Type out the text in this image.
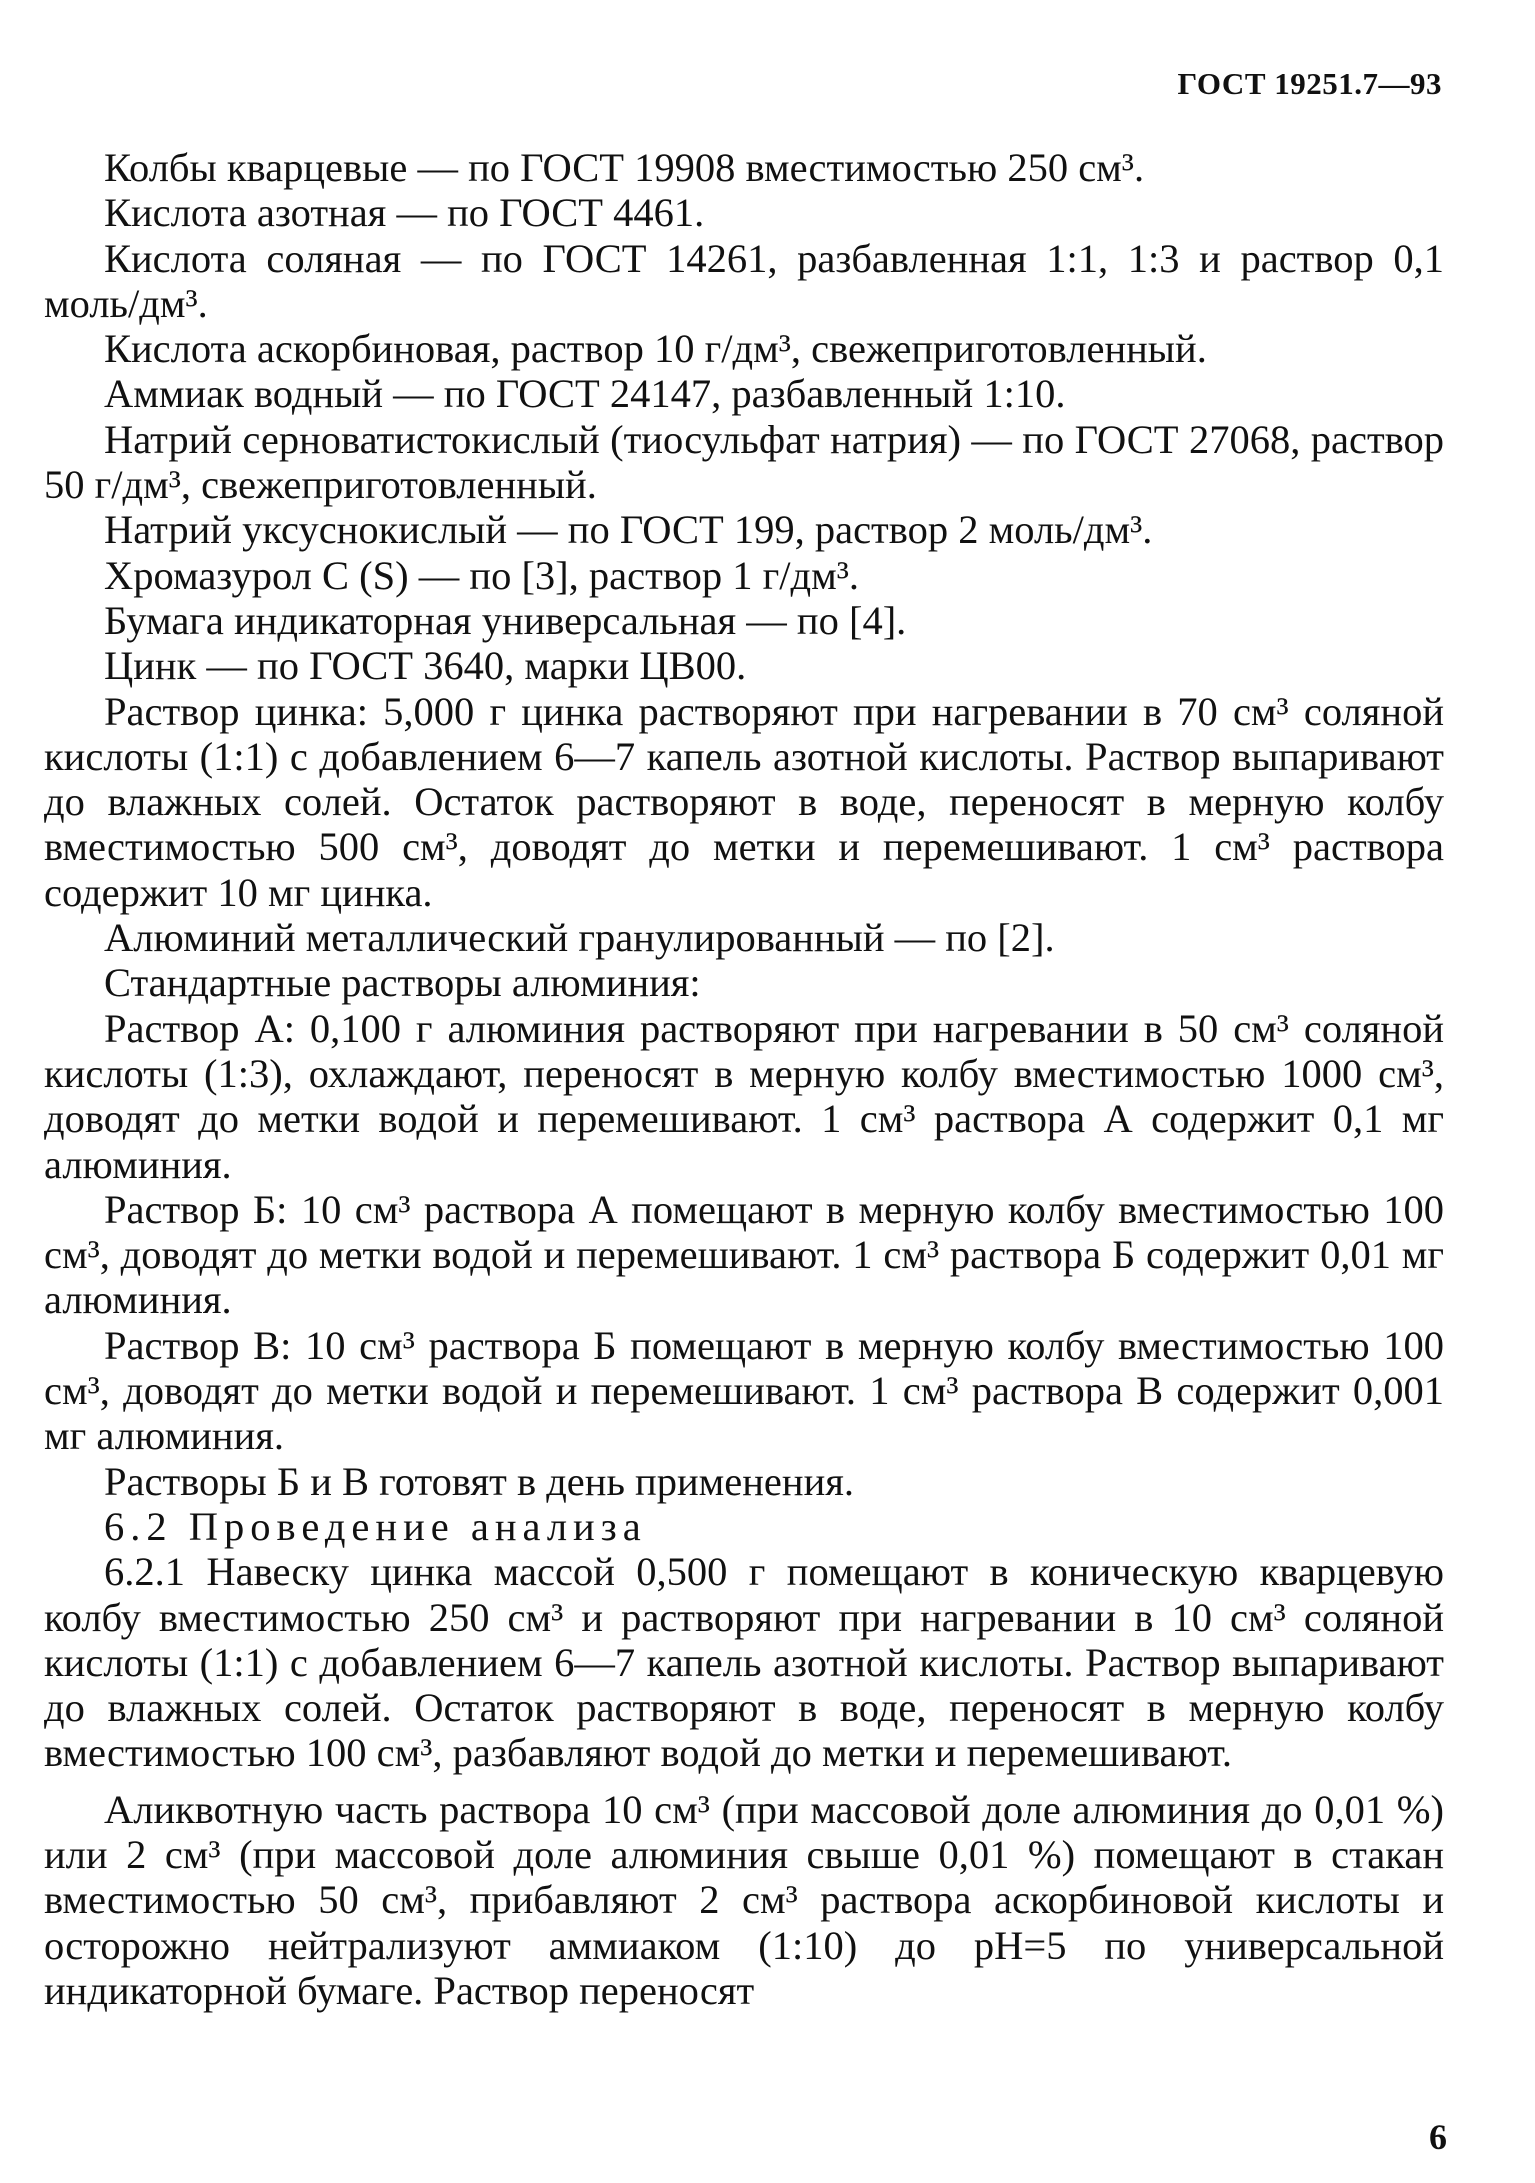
ГОСТ 19251.7—93

Колбы кварцевые — по ГОСТ 19908 вместимостью 250 см³.

Кислота азотная — по ГОСТ 4461.

Кислота соляная — по ГОСТ 14261, разбавленная 1:1, 1:3 и раствор 0,1 моль/дм³.

Кислота аскорбиновая, раствор 10 г/дм³, свежеприготовленный.

Аммиак водный — по ГОСТ 24147, разбавленный 1:10.

Натрий серноватистокислый (тиосульфат натрия) — по ГОСТ 27068, раствор 50 г/дм³, свежеприготовленный.

Натрий уксуснокислый — по ГОСТ 199, раствор 2 моль/дм³.

Хромазурол С (S) — по [3], раствор 1 г/дм³.

Бумага индикаторная универсальная — по [4].

Цинк — по ГОСТ 3640, марки ЦВ00.

Раствор цинка: 5,000 г цинка растворяют при нагревании в 70 см³ соляной кислоты (1:1) с добавлением 6—7 капель азотной кислоты. Раствор выпаривают до влажных солей. Остаток растворяют в воде, переносят в мерную колбу вместимостью 500 см³, доводят до метки и перемешивают. 1 см³ раствора содержит 10 мг цинка.

Алюминий металлический гранулированный — по [2].

Стандартные растворы алюминия:

Раствор А: 0,100 г алюминия растворяют при нагревании в 50 см³ соляной кислоты (1:3), охлаждают, переносят в мерную колбу вместимостью 1000 см³, доводят до метки водой и перемешивают. 1 см³ раствора А содержит 0,1 мг алюминия.

Раствор Б: 10 см³ раствора А помещают в мерную колбу вместимостью 100 см³, доводят до метки водой и перемешивают. 1 см³ раствора Б содержит 0,01 мг алюминия.

Раствор В: 10 см³ раствора Б помещают в мерную колбу вместимостью 100 см³, доводят до метки водой и перемешивают. 1 см³ раствора В содержит 0,001 мг алюминия.

Растворы Б и В готовят в день применения.

6.2 Проведение анализа

6.2.1 Навеску цинка массой 0,500 г помещают в коническую кварцевую колбу вместимостью 250 см³ и растворяют при нагревании в 10 см³ соляной кислоты (1:1) с добавлением 6—7 капель азотной кислоты. Раствор выпаривают до влажных солей. Остаток растворяют в воде, переносят в мерную колбу вместимостью 100 см³, разбавляют водой до метки и перемешивают.

Аликвотную часть раствора 10 см³ (при массовой доле алюминия до 0,01 %) или 2 см³ (при массовой доле алюминия свыше 0,01 %) помещают в стакан вместимостью 50 см³, прибавляют 2 см³ раствора аскорбиновой кислоты и осторожно нейтрализуют аммиаком (1:10) до рН=5 по универсальной индикаторной бумаге. Раствор переносят

6
